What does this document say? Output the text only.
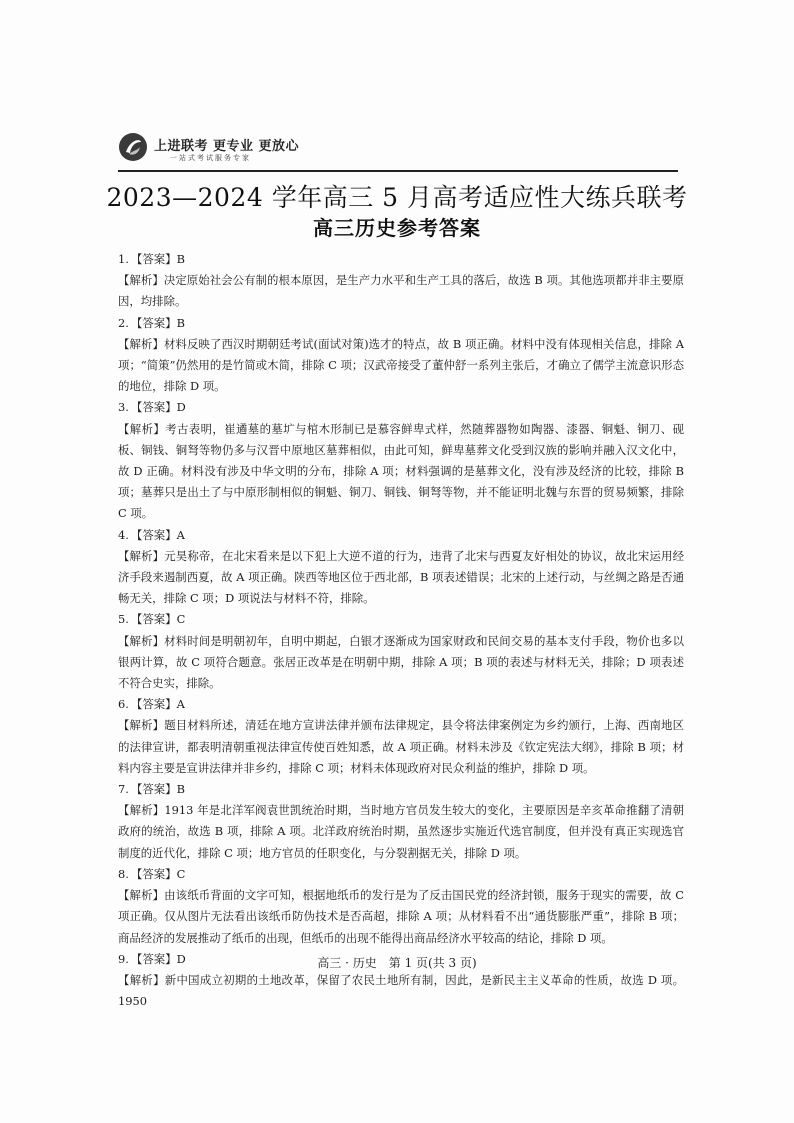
上进联考 更专业 更放心
一站式考试服务专家
2023—2024 学年高三 5 月高考适应性大练兵联考
高三历史参考答案

1. 【答案】B

【解析】决定原始社会公有制的根本原因，是生产力水平和生产工具的落后，故选 B 项。其他选项都并非主要原因，均排除。

2. 【答案】B

【解析】材料反映了西汉时期朝廷考试(面试对策)选才的特点，故 B 项正确。材料中没有体现相关信息，排除 A 项；“简策”仍然用的是竹简或木简，排除 C 项；汉武帝接受了董仲舒一系列主张后，才确立了儒学主流意识形态的地位，排除 D 项。

3. 【答案】D

【解析】考古表明，崔遹墓的墓圹与棺木形制已是慕容鲜卑式样，然随葬器物如陶器、漆器、铜魁、铜刀、砚板、铜钱、铜弩等物仍多与汉晋中原地区墓葬相似，由此可知，鲜卑墓葬文化受到汉族的影响并融入汉文化中，故 D 正确。材料没有涉及中华文明的分布，排除 A 项；材料强调的是墓葬文化，没有涉及经济的比较，排除 B 项；墓葬只是出土了与中原形制相似的铜魁、铜刀、铜钱、铜弩等物，并不能证明北魏与东晋的贸易频繁，排除 C 项。

4. 【答案】A

【解析】元昊称帝，在北宋看来是以下犯上大逆不道的行为，违背了北宋与西夏友好相处的协议，故北宋运用经济手段来遏制西夏，故 A 项正确。陕西等地区位于西北部，B 项表述错误；北宋的上述行动，与丝绸之路是否通畅无关，排除 C 项；D 项说法与材料不符，排除。

5. 【答案】C

【解析】材料时间是明朝初年，自明中期起，白银才逐渐成为国家财政和民间交易的基本支付手段，物价也多以银两计算，故 C 项符合题意。张居正改革是在明朝中期，排除 A 项；B 项的表述与材料无关，排除；D 项表述不符合史实，排除。

6. 【答案】A

【解析】题目材料所述，清廷在地方宣讲法律并颁布法律规定，县令将法律案例定为乡约颁行，上海、西南地区的法律宣讲，都表明清朝重视法律宣传使百姓知悉，故 A 项正确。材料未涉及《钦定宪法大纲》，排除 B 项；材料内容主要是宣讲法律并非乡约，排除 C 项；材料未体现政府对民众利益的维护，排除 D 项。

7. 【答案】B

【解析】1913 年是北洋军阀袁世凯统治时期，当时地方官员发生较大的变化，主要原因是辛亥革命推翻了清朝政府的统治，故选 B 项，排除 A 项。北洋政府统治时期，虽然逐步实施近代选官制度，但并没有真正实现选官制度的近代化，排除 C 项；地方官员的任职变化，与分裂割据无关，排除 D 项。

8. 【答案】C

【解析】由该纸币背面的文字可知，根据地纸币的发行是为了反击国民党的经济封锁，服务于现实的需要，故 C 项正确。仅从图片无法看出该纸币防伪技术是否高超，排除 A 项；从材料看不出“通货膨胀严重”，排除 B 项；商品经济的发展推动了纸币的出现，但纸币的出现不能得出商品经济水平较高的结论，排除 D 项。

9. 【答案】D

【解析】新中国成立初期的土地改革，保留了农民土地所有制，因此，是新民主主义革命的性质，故选 D 项。1950

高三 · 历史　第 1 页(共 3 页)
